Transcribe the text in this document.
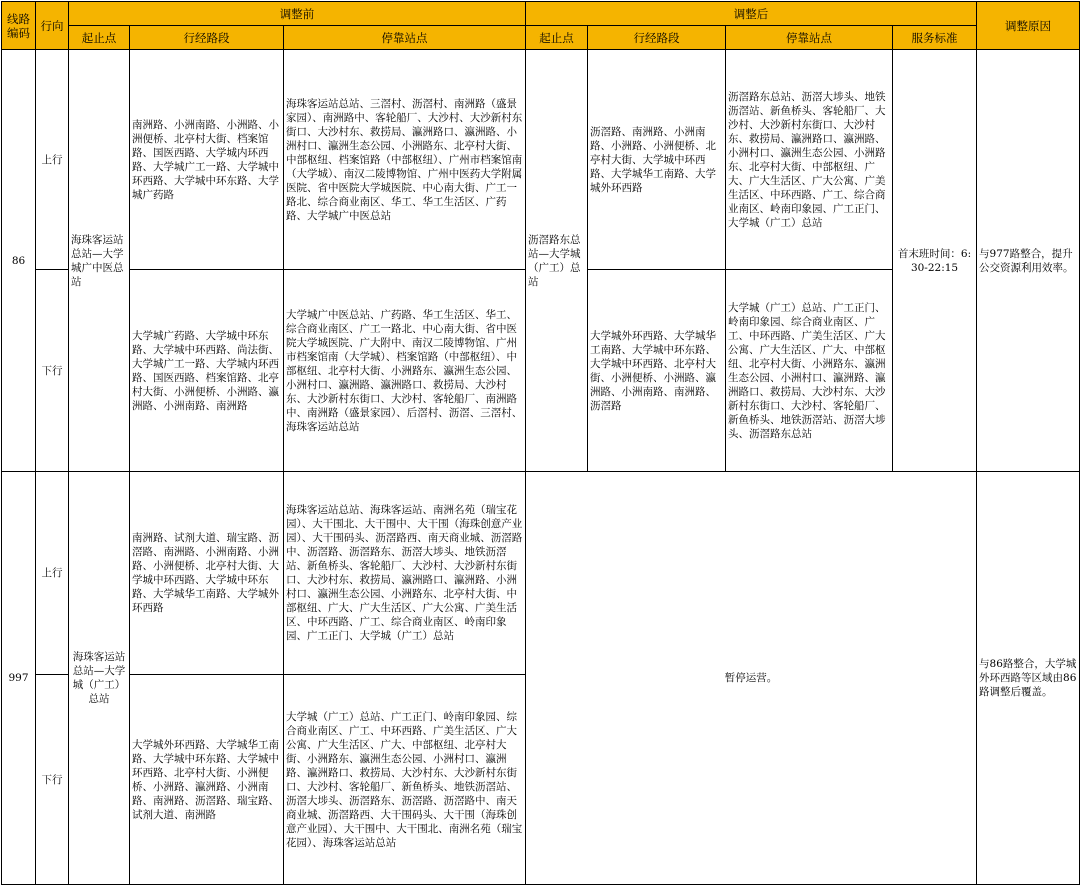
线路编码	行向	调整前			调整后				调整原因
		起止点	行经路段	停靠站点	起止点	行经路段	停靠站点	服务标准	
86	上行	海珠客运站总站—大学城广中医总站	南洲路、小洲南路、小洲路、小洲便桥、北亭村大街、档案馆路、国医西路、大学城内环西路、大学城广工一路、大学城中环西路、大学城中环东路、大学城广药路	海珠客运站总站、三滘村、沥滘村、南洲路（盛景家园）、南洲路中、客轮船厂、大沙村、大沙新村东街口、大沙村东、救捞局、瀛洲路口、瀛洲路、小洲村口、瀛洲生态公园、小洲路东、北亭村大街、中部枢纽、档案馆路（中部枢纽）、广州市档案馆南（大学城）、南汉二陵博物馆、广州中医药大学附属医院、省中医院大学城医院、中心南大街、广工一路北、综合商业南区、华工、华工生活区、广药路、大学城广中医总站	沥滘路东总站—大学城（广工）总站	沥滘路、南洲路、小洲南路、小洲路、小洲便桥、北亭村大街、大学城中环西路、大学城华工南路、大学城外环西路	沥滘路东总站、沥滘大埗头、地铁沥滘站、新鱼桥头、客轮船厂、大沙村、大沙新村东街口、大沙村东、救捞局、瀛洲路口、瀛洲路、小洲村口、瀛洲生态公园、小洲路东、北亭村大街、中部枢纽、广大、广大生活区、广大公寓、广美生活区、中环西路、广工、综合商业南区、岭南印象园、广工正门、大学城（广工）总站	首末班时间：6:30-22:15	与977路整合，提升公交资源利用效率。
	下行		大学城广药路、大学城中环东路、大学城中环西路、尚法街、大学城广工一路、大学城内环西路、国医西路、档案馆路、北亭村大街、小洲便桥、小洲路、瀛洲路、小洲南路、南洲路	大学城广中医总站、广药路、华工生活区、华工、综合商业南区、广工一路北、中心南大街、省中医院大学城医院、广大附中、南汉二陵博物馆、广州市档案馆南（大学城）、档案馆路（中部枢纽）、中部枢纽、北亭村大街、小洲路东、瀛洲生态公园、小洲村口、瀛洲路、瀛洲路口、救捞局、大沙村东、大沙新村东街口、大沙村、客轮船厂、南洲路中、南洲路（盛景家园）、后滘村、沥滘、三滘村、海珠客运站总站		大学城外环西路、大学城华工南路、大学城中环东路、大学城中环西路、北亭村大街、小洲便桥、小洲路、瀛洲路、小洲南路、南洲路、沥滘路	大学城（广工）总站、广工正门、岭南印象园、综合商业南区、广工、中环西路、广美生活区、广大公寓、广大生活区、广大、中部枢纽、北亭村大街、小洲路东、瀛洲生态公园、小洲村口、瀛洲路、瀛洲路口、救捞局、大沙村东、大沙新村东街口、大沙村、客轮船厂、新鱼桥头、地铁沥滘站、沥滘大埗头、沥滘路东总站		
997	上行	海珠客运站总站—大学城（广工）总站	南洲路、试剂大道、瑞宝路、沥滘路、南洲路、小洲南路、小洲路、小洲便桥、北亭村大街、大学城中环西路、大学城中环东路、大学城华工南路、大学城外环西路	海珠客运站总站、海珠客运站、南洲名苑（瑞宝花园）、大干围北、大干围中、大干围（海珠创意产业园）、大干围码头、沥滘路西、南天商业城、沥滘路中、沥滘路、沥滘路东、沥滘大埗头、地铁沥滘站、新鱼桥头、客轮船厂、大沙村、大沙新村东街口、大沙村东、救捞局、瀛洲路口、瀛洲路、小洲村口、瀛洲生态公园、小洲路东、北亭村大街、中部枢纽、广大、广大生活区、广大公寓、广美生活区、中环西路、广工、综合商业南区、岭南印象园、广工正门、大学城（广工）总站	暂停运营。				与86路整合，大学城外环西路等区域由86路调整后覆盖。
	下行		大学城外环西路、大学城华工南路、大学城中环东路、大学城中环西路、北亭村大街、小洲便桥、小洲路、瀛洲路、小洲南路、南洲路、沥滘路、瑞宝路、试剂大道、南洲路	大学城（广工）总站、广工正门、岭南印象园、综合商业南区、广工、中环西路、广美生活区、广大公寓、广大生活区、广大、中部枢纽、北亭村大街、小洲路东、瀛洲生态公园、小洲村口、瀛洲路、瀛洲路口、救捞局、大沙村东、大沙新村东街口、大沙村、客轮船厂、新鱼桥头、地铁沥滘站、沥滘大埗头、沥滘路东、沥滘路、沥滘路中、南天商业城、沥滘路西、大干围码头、大干围（海珠创意产业园）、大干围中、大干围北、南洲名苑（瑞宝花园）、海珠客运站总站					
